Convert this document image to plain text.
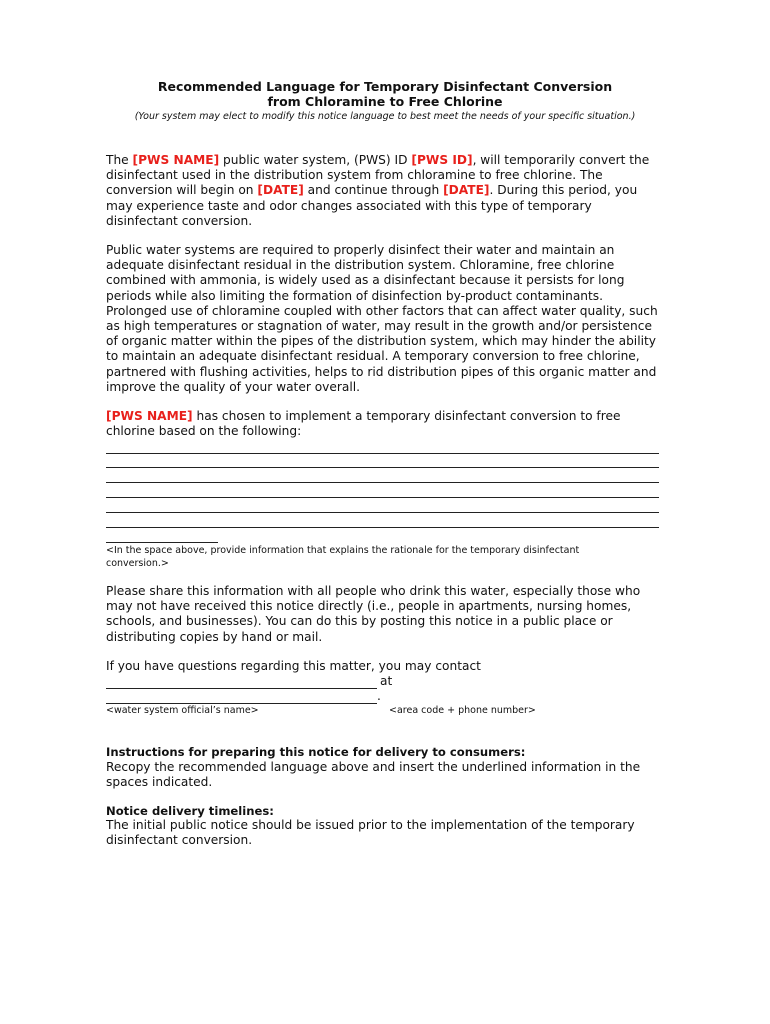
Recommended Language for Temporary Disinfectant Conversion
from Chloramine to Free Chlorine
(Your system may elect to modify this notice language to best meet the needs of your specific situation.)

The [PWS NAME] public water system, (PWS) ID [PWS ID], will temporarily convert the disinfectant used in the distribution system from chloramine to free chlorine. The conversion will begin on [DATE] and continue through [DATE]. During this period, you may experience taste and odor changes associated with this type of temporary disinfectant conversion.

Public water systems are required to properly disinfect their water and maintain an adequate disinfectant residual in the distribution system. Chloramine, free chlorine combined with ammonia, is widely used as a disinfectant because it persists for long periods while also limiting the formation of disinfection by-product contaminants. Prolonged use of chloramine coupled with other factors that can affect water quality, such as high temperatures or stagnation of water, may result in the growth and/or persistence of organic matter within the pipes of the distribution system, which may hinder the ability to maintain an adequate disinfectant residual. A temporary conversion to free chlorine, partnered with flushing activities, helps to rid distribution pipes of this organic matter and improve the quality of your water overall.

[PWS NAME] has chosen to implement a temporary disinfectant conversion to free chlorine based on the following:

<In the space above, provide information that explains the rationale for the temporary disinfectant conversion.>

Please share this information with all people who drink this water, especially those who may not have received this notice directly (i.e., people in apartments, nursing homes, schools, and businesses). You can do this by posting this notice in a public place or distributing copies by hand or mail.

If you have questions regarding this matter, you may contact

at
.
<water system official’s name>	<area code + phone number>

Instructions for preparing this notice for delivery to consumers:

Recopy the recommended language above and insert the underlined information in the spaces indicated.

Notice delivery timelines:

The initial public notice should be issued prior to the implementation of the temporary disinfectant conversion.
